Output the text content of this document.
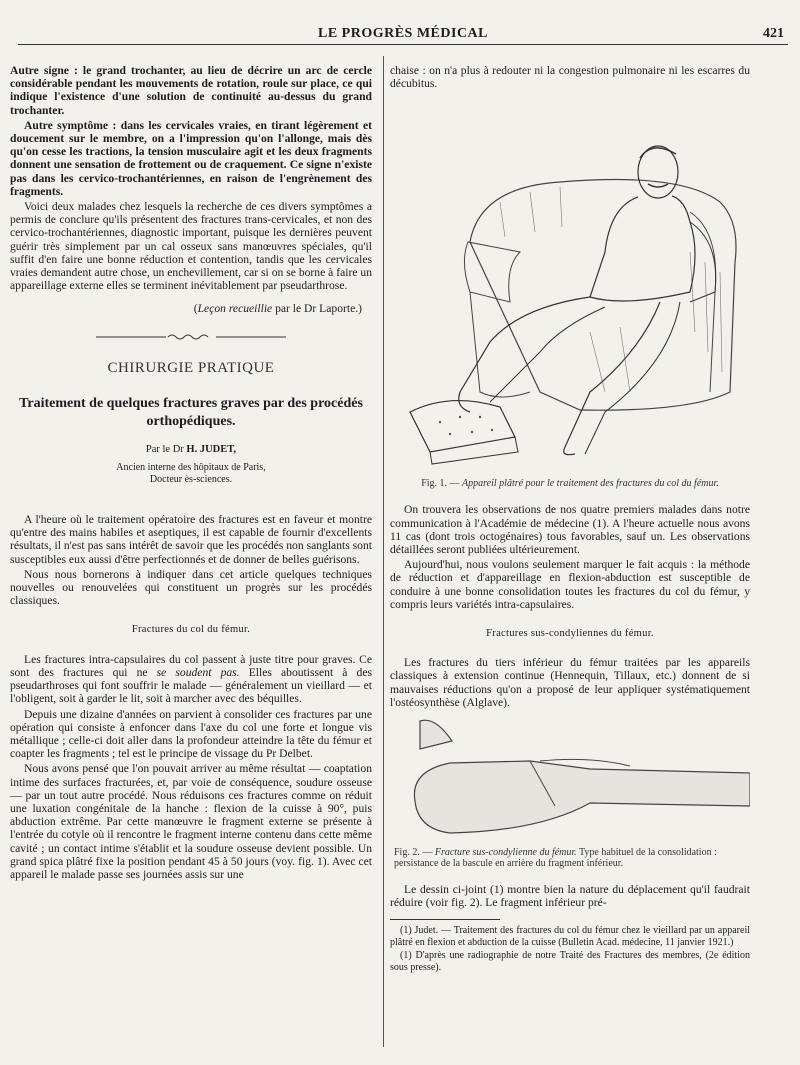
LE PROGRÈS MÉDICAL	421

Autre signe : le grand trochanter, au lieu de décrire un arc de cercle considérable pendant les mouvements de rotation, roule sur place, ce qui indique l'existence d'une solution de continuité au-dessus du grand trochanter.

Autre symptôme : dans les cervicales vraies, en tirant légèrement et doucement sur le membre, on a l'impression qu'on l'allonge, mais dès qu'on cesse les tractions, la tension musculaire agit et les deux fragments donnent une sensation de frottement ou de craquement. Ce signe n'existe pas dans les cervico-trochantériennes, en raison de l'engrènement des fragments.

Voici deux malades chez lesquels la recherche de ces divers symptômes a permis de conclure qu'ils présentent des fractures trans-cervicales, et non des cervico-trochantériennes, diagnostic important, puisque les dernières peuvent guérir très simplement par un cal osseux sans manœuvres spéciales, qu'il suffit d'en faire une bonne réduction et contention, tandis que les cervicales vraies demandent autre chose, un enchevillement, car si on se borne à faire un appareillage externe elles se terminent inévitablement par pseudarthrose.

(Leçon recueillie par le Dr Laporte.)

CHIRURGIE PRATIQUE
Traitement de quelques fractures graves par des procédés orthopédiques.
Par le Dr H. JUDET,
Ancien interne des hôpitaux de Paris,
Docteur ès-sciences.

A l'heure où le traitement opératoire des fractures est en faveur et montre qu'entre des mains habiles et aseptiques, il est capable de fournir d'excellents résultats, il n'est pas sans intérêt de savoir que les procédés non sanglants sont susceptibles eux aussi d'être perfectionnés et de donner de belles guérisons.

Nous nous bornerons à indiquer dans cet article quelques techniques nouvelles ou renouvelées qui constituent un progrès sur les procédés classiques.

Fractures du col du fémur.

Les fractures intra-capsulaires du col passent à juste titre pour graves. Ce sont des fractures qui ne se soudent pas. Elles aboutissent à des pseudarthroses qui font souffrir le malade — généralement un vieillard — et l'obligent, soit à garder le lit, soit à marcher avec des béquilles.

Depuis une dizaine d'années on parvient à consolider ces fractures par une opération qui consiste à enfoncer dans l'axe du col une forte et longue vis métallique ; celle-ci doit aller dans la profondeur atteindre la tête du fémur et coapter les fragments ; tel est le principe de vissage du Pr Delbet.

Nous avons pensé que l'on pouvait arriver au même résultat — coaptation intime des surfaces fracturées, et, par voie de conséquence, soudure osseuse — par un tout autre procédé. Nous réduisons ces fractures comme on réduit une luxation congénitale de la hanche : flexion de la cuisse à 90°, puis abduction extrême. Par cette manœuvre le fragment externe se présente à l'entrée du cotyle où il rencontre le fragment interne contenu dans cette même cavité ; un contact intime s'établit et la soudure osseuse devient possible. Un grand spica plâtré fixe la position pendant 45 à 50 jours (voy. fig. 1). Avec cet appareil le malade passe ses journées assis sur une

chaise : on n'a plus à redouter ni la congestion pulmonaire ni les escarres du décubitus.

Fig. 1. — Appareil plâtré pour le traitement des fractures du col du fémur.

On trouvera les observations de nos quatre premiers malades dans notre communication à l'Académie de médecine (1). A l'heure actuelle nous avons 11 cas (dont trois octogénaires) tous favorables, sauf un. Les observations détaillées seront publiées ultérieurement.

Aujourd'hui, nous voulons seulement marquer le fait acquis : la méthode de réduction et d'appareillage en flexion-abduction est susceptible de conduire à une bonne consolidation toutes les fractures du col du fémur, y compris leurs variétés intra-capsulaires.

Fractures sus-condyliennes du fémur.

Les fractures du tiers inférieur du fémur traitées par les appareils classiques à extension continue (Hennequin, Tillaux, etc.) donnent de si mauvaises réductions qu'on a proposé de leur appliquer systématiquement l'ostéosynthèse (Alglave).

Fig. 2. — Fracture sus-condylienne du fémur. Type habituel de la consolidation : persistance de la bascule en arrière du fragment inférieur.

Le dessin ci-joint (1) montre bien la nature du déplacement qu'il faudrait réduire (voir fig. 2). Le fragment inférieur pré-

(1) Judet. — Traitement des fractures du col du fémur chez le vieillard par un appareil plâtré en flexion et abduction de la cuisse (Bulletin Acad. médecine, 11 janvier 1921.)

(1) D'après une radiographie de notre Traité des Fractures des membres, (2e édition sous presse).
